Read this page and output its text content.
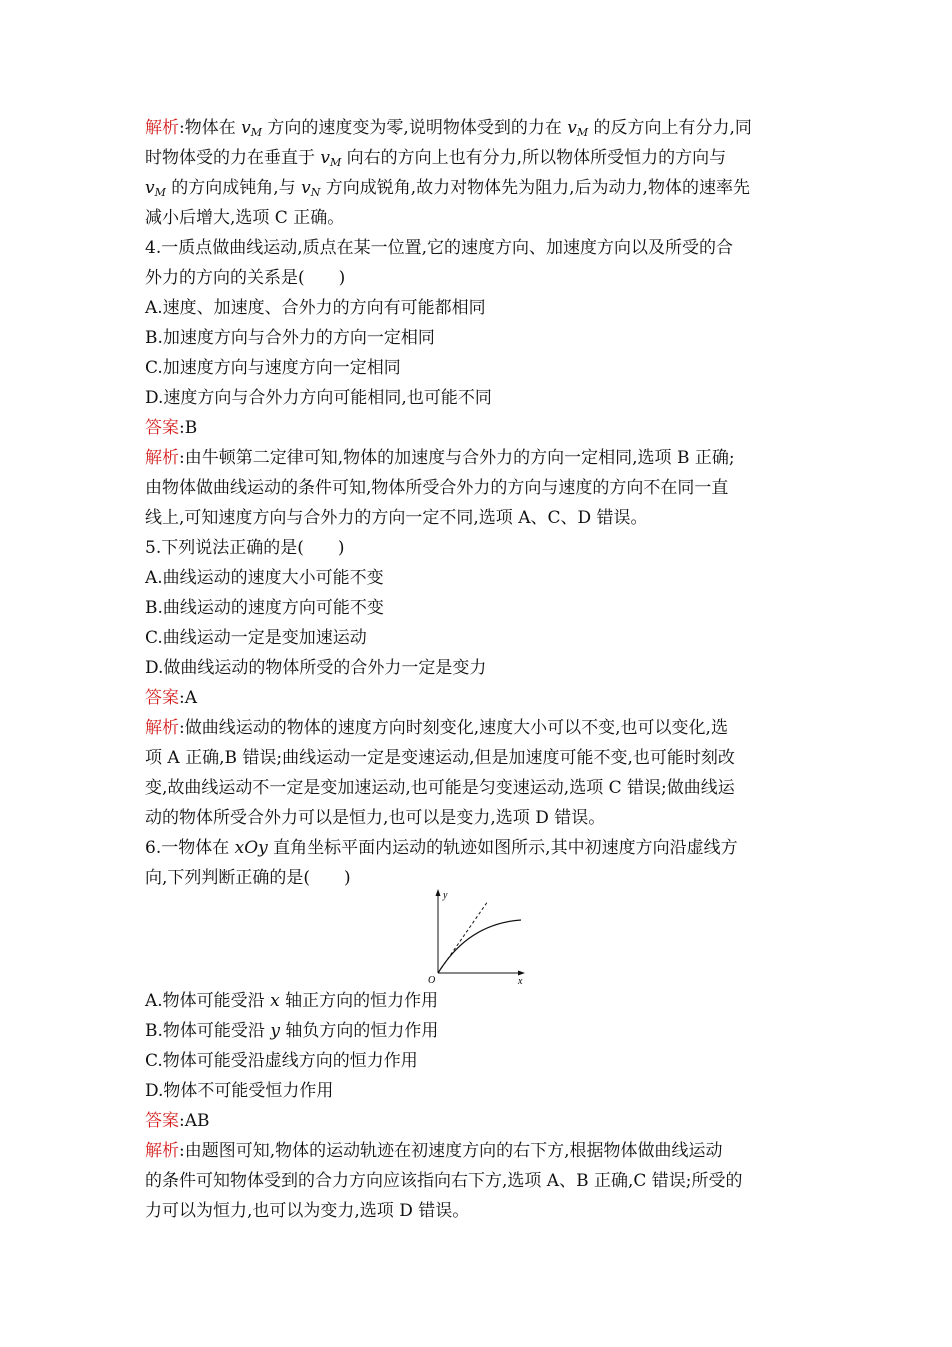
解析:物体在 $v_M$ 方向的速度变为零,说明物体受到的力在 $v_M$ 的反方向上有分力,同
时物体受的力在垂直于 $v_M$ 向右的方向上也有分力,所以物体所受恒力的方向与
$v_M$ 的方向成钝角,与 $v_N$ 方向成锐角,故力对物体先为阻力,后为动力,物体的速率先
减小后增大,选项 C 正确。
4.一质点做曲线运动,质点在某一位置,它的速度方向、加速度方向以及所受的合
外力的方向的关系是(　　)
A.速度、加速度、合外力的方向有可能都相同
B.加速度方向与合外力的方向一定相同
C.加速度方向与速度方向一定相同
D.速度方向与合外力方向可能相同,也可能不同
答案:B
解析:由牛顿第二定律可知,物体的加速度与合外力的方向一定相同,选项 B 正确;
由物体做曲线运动的条件可知,物体所受合外力的方向与速度的方向不在同一直
线上,可知速度方向与合外力的方向一定不同,选项 A、C、D 错误。
5.下列说法正确的是(　　)
A.曲线运动的速度大小可能不变
B.曲线运动的速度方向可能不变
C.曲线运动一定是变加速运动
D.做曲线运动的物体所受的合外力一定是变力
答案:A
解析:做曲线运动的物体的速度方向时刻变化,速度大小可以不变,也可以变化,选
项 A 正确,B 错误;曲线运动一定是变速运动,但是加速度可能不变,也可能时刻改
变,故曲线运动不一定是变加速运动,也可能是匀变速运动,选项 C 错误;做曲线运
动的物体所受合外力可以是恒力,也可以是变力,选项 D 错误。
6.一物体在 xOy 直角坐标平面内运动的轨迹如图所示,其中初速度方向沿虚线方
向,下列判断正确的是(　　)
y
x
O
A.物体可能受沿 x 轴正方向的恒力作用
B.物体可能受沿 y 轴负方向的恒力作用
C.物体可能受沿虚线方向的恒力作用
D.物体不可能受恒力作用
答案:AB
解析:由题图可知,物体的运动轨迹在初速度方向的右下方,根据物体做曲线运动
的条件可知物体受到的合力方向应该指向右下方,选项 A、B 正确,C 错误;所受的
力可以为恒力,也可以为变力,选项 D 错误。
